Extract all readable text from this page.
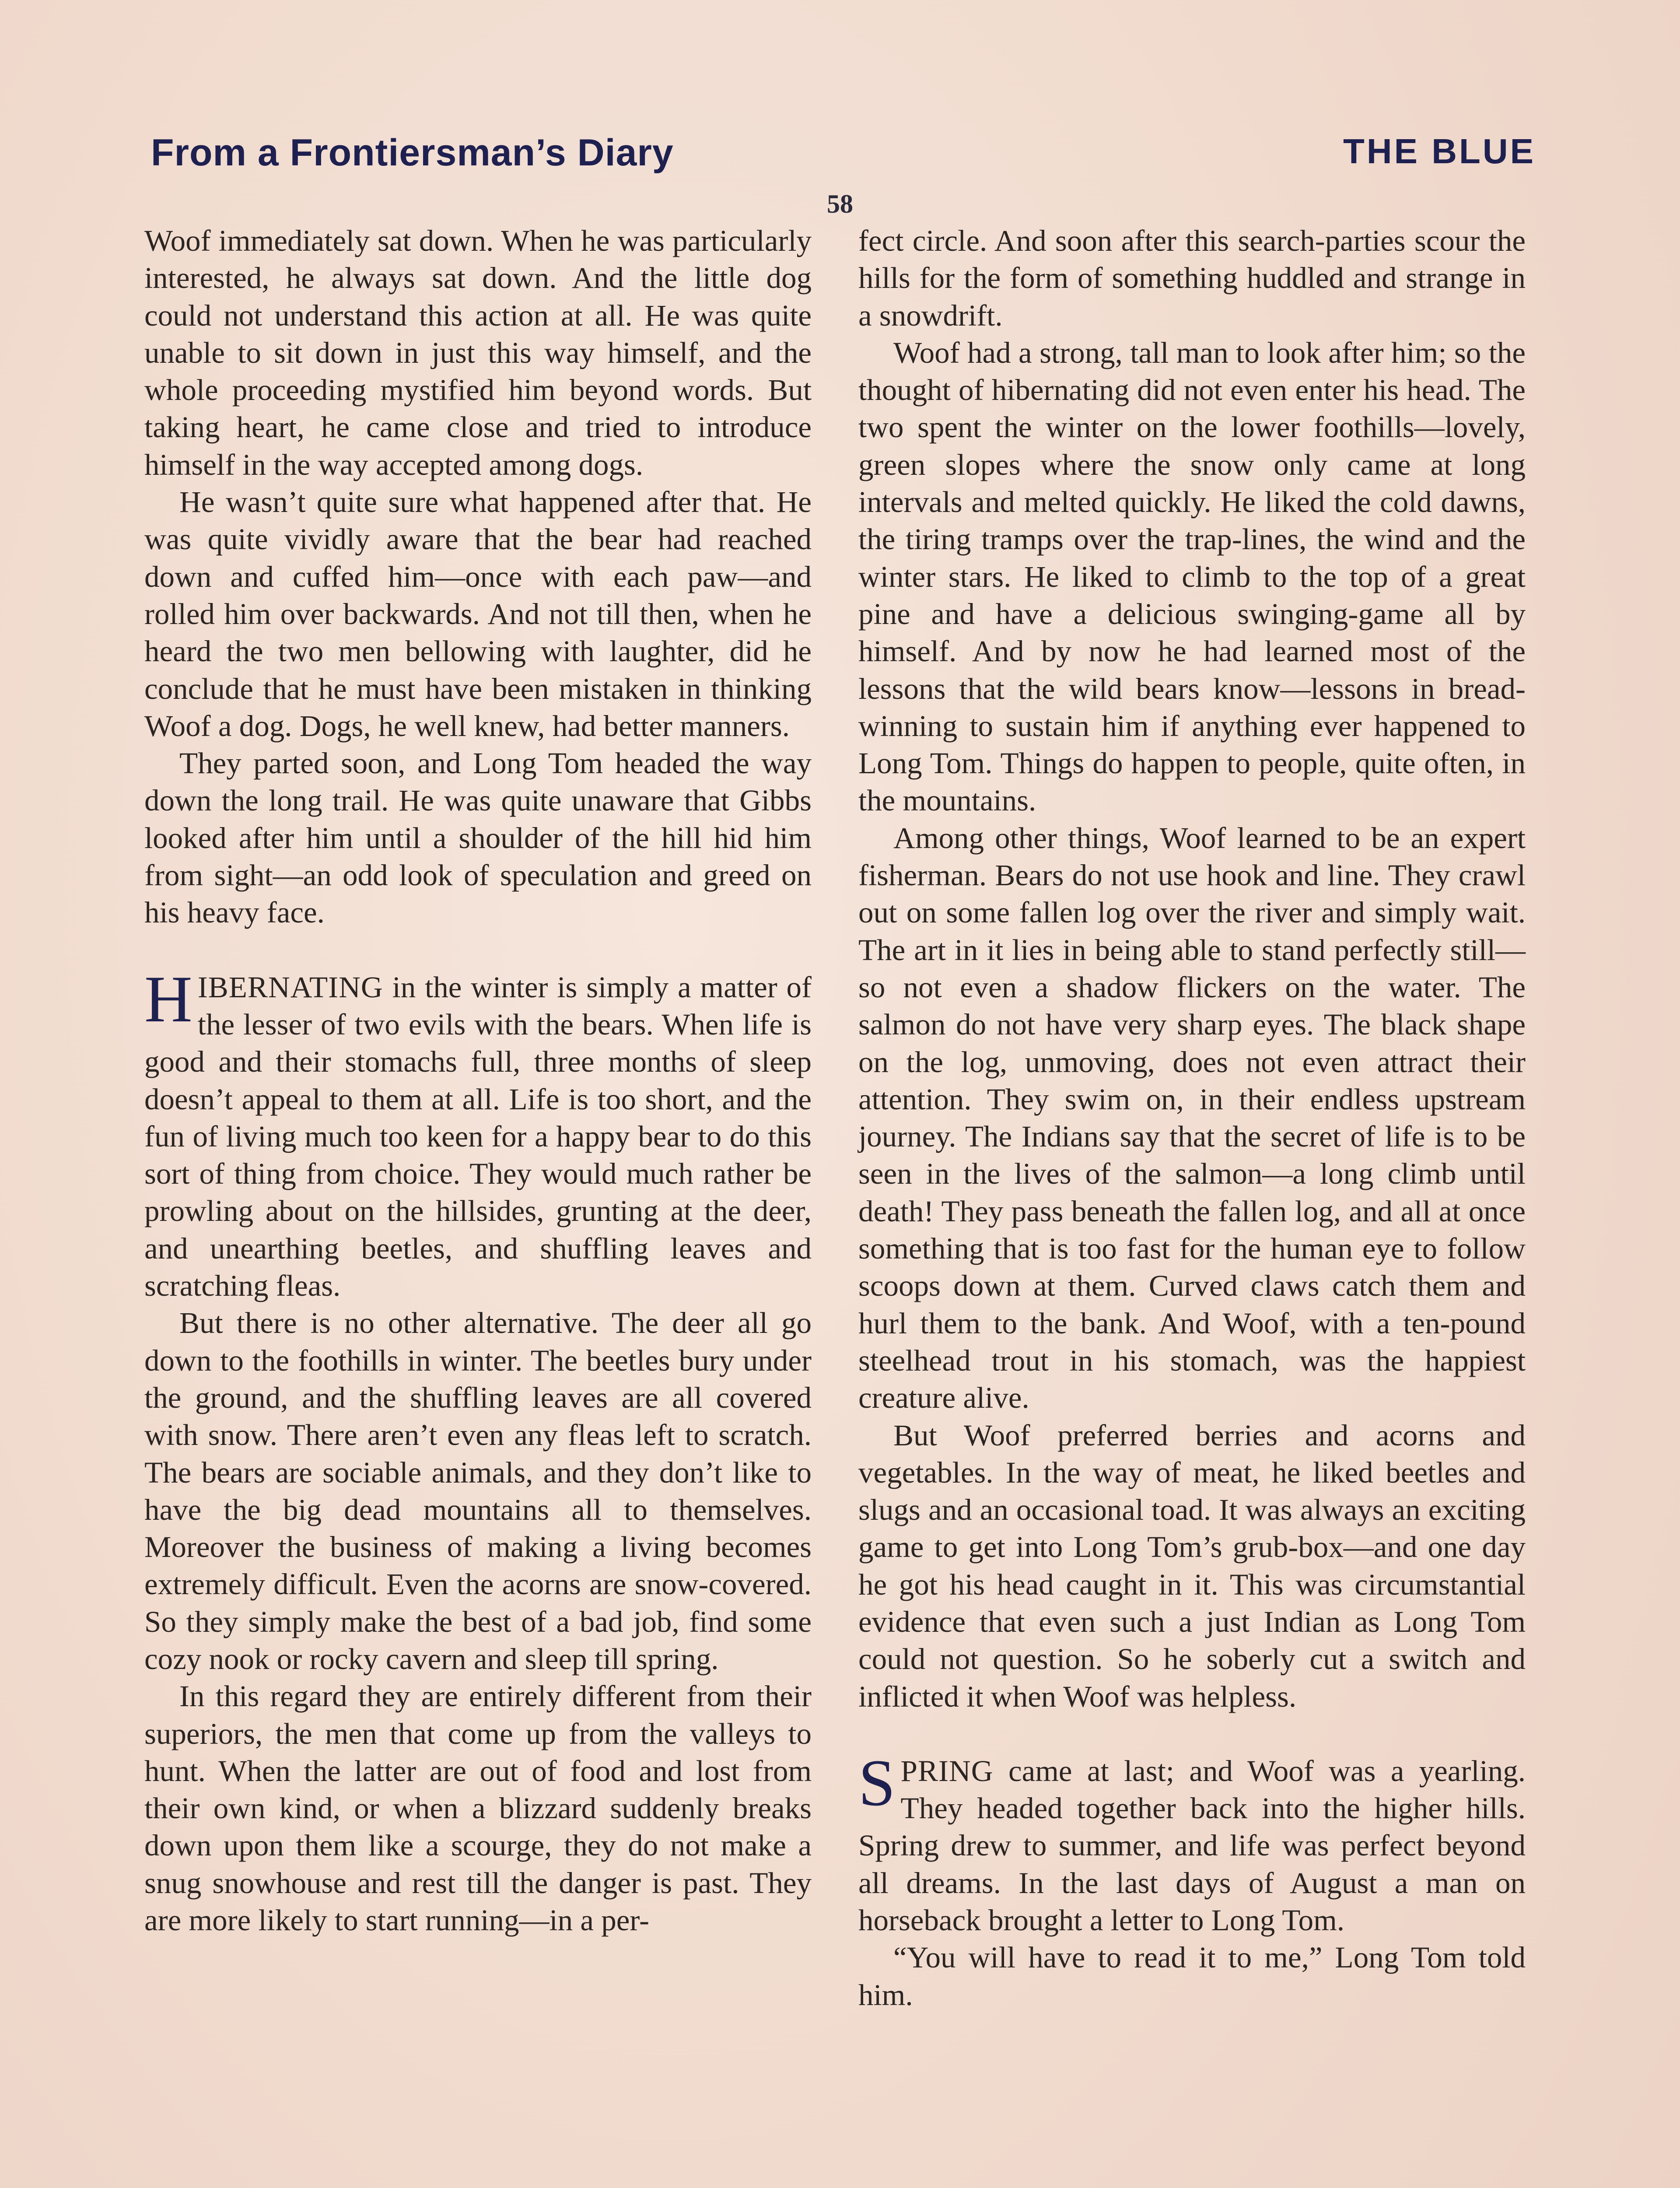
From a Frontiersman’s Diary	THE BLUE
58

Woof immediately sat down. When he was particularly interested, he always sat down. And the little dog could not understand this action at all. He was quite unable to sit down in just this way himself, and the whole proceeding mystified him beyond words. But taking heart, he came close and tried to introduce himself in the way accepted among dogs.

He wasn’t quite sure what happened after that. He was quite vividly aware that the bear had reached down and cuffed him—once with each paw—and rolled him over backwards. And not till then, when he heard the two men bellowing with laughter, did he conclude that he must have been mistaken in thinking Woof a dog. Dogs, he well knew, had better manners.

They parted soon, and Long Tom headed the way down the long trail. He was quite unaware that Gibbs looked after him until a shoulder of the hill hid him from sight—an odd look of speculation and greed on his heavy face.

HIBERNATING in the winter is simply a matter of the lesser of two evils with the bears. When life is good and their stomachs full, three months of sleep doesn’t appeal to them at all. Life is too short, and the fun of living much too keen for a happy bear to do this sort of thing from choice. They would much rather be prowling about on the hillsides, grunting at the deer, and unearthing beetles, and shuffling leaves and scratching fleas.

But there is no other alternative. The deer all go down to the foothills in winter. The beetles bury under the ground, and the shuffling leaves are all covered with snow. There aren’t even any fleas left to scratch. The bears are sociable animals, and they don’t like to have the big dead mountains all to themselves. Moreover the business of making a living becomes extremely difficult. Even the acorns are snow-covered. So they simply make the best of a bad job, find some cozy nook or rocky cavern and sleep till spring.

In this regard they are entirely different from their superiors, the men that come up from the valleys to hunt. When the latter are out of food and lost from their own kind, or when a blizzard suddenly breaks down upon them like a scourge, they do not make a snug snowhouse and rest till the danger is past. They are more likely to start running—in a per-

fect circle. And soon after this search-parties scour the hills for the form of something huddled and strange in a snowdrift.

Woof had a strong, tall man to look after him; so the thought of hibernating did not even enter his head. The two spent the winter on the lower foothills—lovely, green slopes where the snow only came at long intervals and melted quickly. He liked the cold dawns, the tiring tramps over the trap-lines, the wind and the winter stars. He liked to climb to the top of a great pine and have a delicious swinging-game all by himself. And by now he had learned most of the lessons that the wild bears know—lessons in bread-winning to sustain him if anything ever happened to Long Tom. Things do happen to people, quite often, in the mountains.

Among other things, Woof learned to be an expert fisherman. Bears do not use hook and line. They crawl out on some fallen log over the river and simply wait. The art in it lies in being able to stand perfectly still—so not even a shadow flickers on the water. The salmon do not have very sharp eyes. The black shape on the log, unmoving, does not even attract their attention. They swim on, in their endless upstream journey. The Indians say that the secret of life is to be seen in the lives of the salmon—a long climb until death! They pass beneath the fallen log, and all at once something that is too fast for the human eye to follow scoops down at them. Curved claws catch them and hurl them to the bank. And Woof, with a ten-pound steelhead trout in his stomach, was the happiest creature alive.

But Woof preferred berries and acorns and vegetables. In the way of meat, he liked beetles and slugs and an occasional toad. It was always an exciting game to get into Long Tom’s grub-box—and one day he got his head caught in it. This was circumstantial evidence that even such a just Indian as Long Tom could not question. So he soberly cut a switch and inflicted it when Woof was helpless.

SPRING came at last; and Woof was a yearling. They headed together back into the higher hills. Spring drew to summer, and life was perfect beyond all dreams. In the last days of August a man on horseback brought a letter to Long Tom.

“You will have to read it to me,” Long Tom told him.
